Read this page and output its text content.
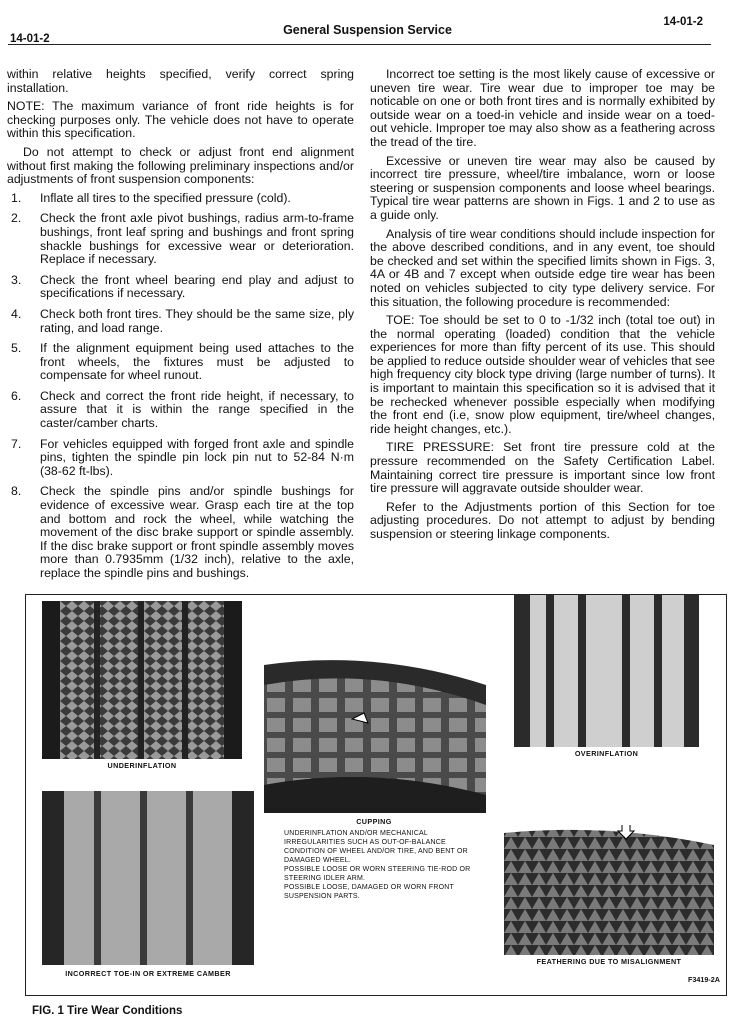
14-01-2
General Suspension Service
14-01-2

within relative heights specified, verify correct spring installation.

NOTE: The maximum variance of front ride heights is for checking purposes only. The vehicle does not have to operate within this specification.

Do not attempt to check or adjust front end alignment without first making the following preliminary inspections and/or adjustments of front suspension components:

1. Inflate all tires to the specified pressure (cold).
2. Check the front axle pivot bushings, radius arm-to-frame bushings, front leaf spring and bushings and front spring shackle bushings for excessive wear or deterioration. Replace if necessary.
3. Check the front wheel bearing end play and adjust to specifications if necessary.
4. Check both front tires. They should be the same size, ply rating, and load range.
5. If the alignment equipment being used attaches to the front wheels, the fixtures must be adjusted to compensate for wheel runout.
6. Check and correct the front ride height, if necessary, to assure that it is within the range specified in the caster/camber charts.
7. For vehicles equipped with forged front axle and spindle pins, tighten the spindle pin lock pin nut to 52-84 N·m (38-62 ft-lbs).
8. Check the spindle pins and/or spindle bushings for evidence of excessive wear. Grasp each tire at the top and bottom and rock the wheel, while watching the movement of the disc brake support or spindle assembly. If the disc brake support or front spindle assembly moves more than 0.7935mm (1/32 inch), relative to the axle, replace the spindle pins and bushings.

Incorrect toe setting is the most likely cause of excessive or uneven tire wear. Tire wear due to improper toe may be noticable on one or both front tires and is normally exhibited by outside wear on a toed-in vehicle and inside wear on a toed-out vehicle. Improper toe may also show as a feathering across the tread of the tire.

Excessive or uneven tire wear may also be caused by incorrect tire pressure, wheel/tire imbalance, worn or loose steering or suspension components and loose wheel bearings. Typical tire wear patterns are shown in Figs. 1 and 2 to use as a guide only.

Analysis of tire wear conditions should include inspection for the above described conditions, and in any event, toe should be checked and set within the specified limits shown in Figs. 3, 4A or 4B and 7 except when outside edge tire wear has been noted on vehicles subjected to city type delivery service. For this situation, the following procedure is recommended:

TOE: Toe should be set to 0 to -1/32 inch (total toe out) in the normal operating (loaded) condition that the vehicle experiences for more than fifty percent of its use. This should be applied to reduce outside shoulder wear of vehicles that see high frequency city block type driving (large number of turns). It is important to maintain this specification so it is advised that it be rechecked whenever possible especially when modifying the front end (i.e, snow plow equipment, tire/wheel changes, ride height changes, etc.).

TIRE PRESSURE: Set front tire pressure cold at the pressure recommended on the Safety Certification Label. Maintaining correct tire pressure is important since low front tire pressure will aggravate outside shoulder wear.

Refer to the Adjustments portion of this Section for toe adjusting procedures. Do not attempt to adjust by bending suspension or steering linkage components.

UNDERINFLATION
CUPPING
UNDERINFLATION AND/OR MECHANICAL IRREGULARITIES SUCH AS OUT-OF-BALANCE CONDITION OF WHEEL AND/OR TIRE, AND BENT OR DAMAGED WHEEL.
POSSIBLE LOOSE OR WORN STEERING TIE-ROD OR STEERING IDLER ARM.
POSSIBLE LOOSE, DAMAGED OR WORN FRONT SUSPENSION PARTS.
OVERINFLATION
INCORRECT TOE-IN OR EXTREME CAMBER
FEATHERING DUE TO MISALIGNMENT
F3419-2A
FIG. 1 Tire Wear Conditions
